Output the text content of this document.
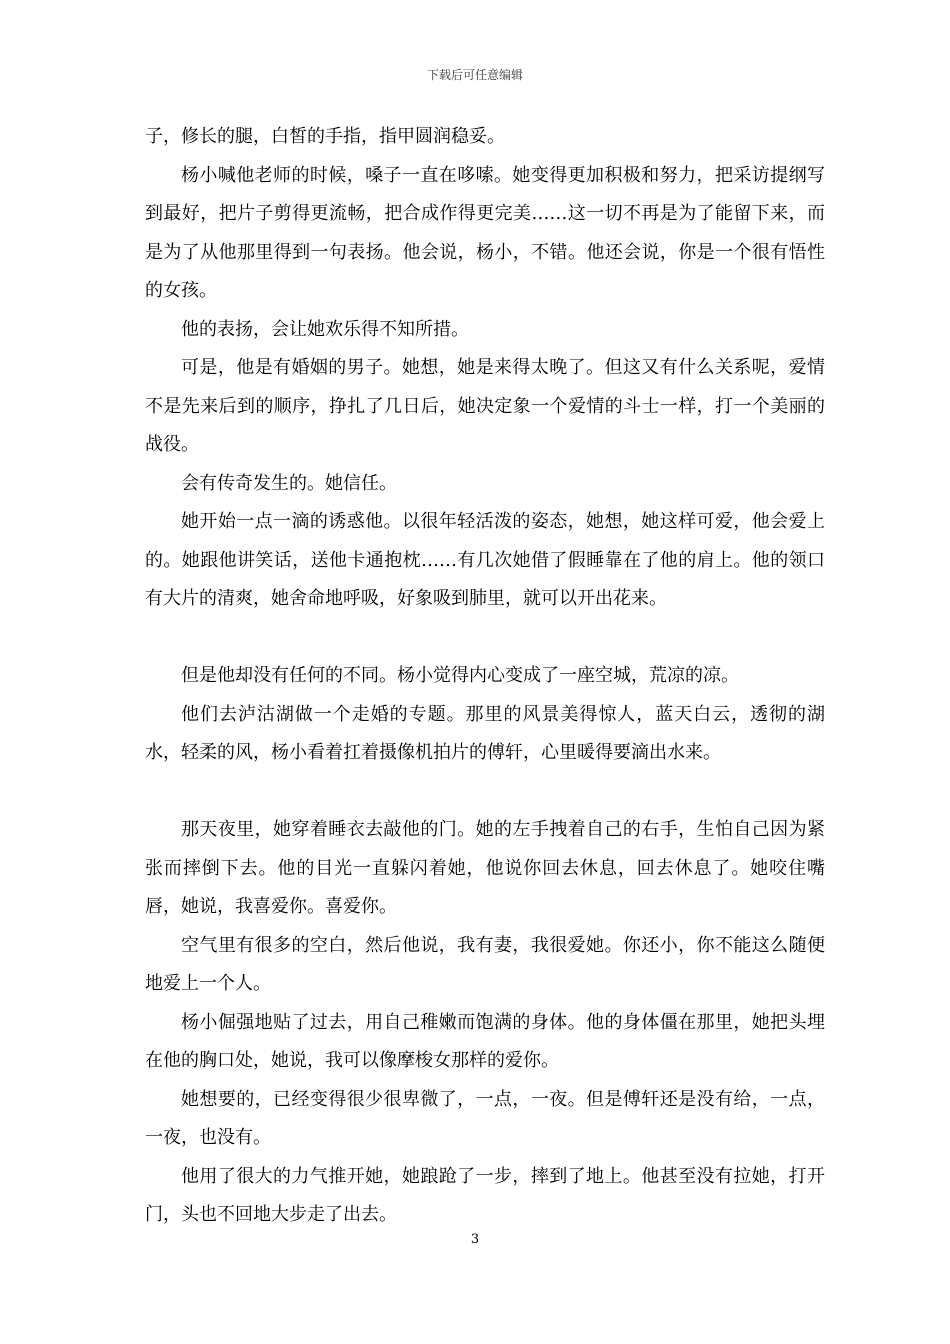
下载后可任意编辑

子，修长的腿，白皙的手指，指甲圆润稳妥。

杨小喊他老师的时候，嗓子一直在哆嗦。她变得更加积极和努力，把采访提纲写到最好，把片子剪得更流畅，把合成作得更完美……这一切不再是为了能留下来，而是为了从他那里得到一句表扬。他会说，杨小，不错。他还会说，你是一个很有悟性的女孩。

他的表扬，会让她欢乐得不知所措。

可是，他是有婚姻的男子。她想，她是来得太晚了。但这又有什么关系呢，爱情不是先来后到的顺序，挣扎了几日后，她决定象一个爱情的斗士一样，打一个美丽的战役。

会有传奇发生的。她信任。

她开始一点一滴的诱惑他。以很年轻活泼的姿态，她想，她这样可爱，他会爱上的。她跟他讲笑话，送他卡通抱枕……有几次她借了假睡靠在了他的肩上。他的领口有大片的清爽，她舍命地呼吸，好象吸到肺里，就可以开出花来。

但是他却没有任何的不同。杨小觉得内心变成了一座空城，荒凉的凉。

他们去泸沽湖做一个走婚的专题。那里的风景美得惊人，蓝天白云，透彻的湖水，轻柔的风，杨小看着扛着摄像机拍片的傅轩，心里暖得要滴出水来。

那天夜里，她穿着睡衣去敲他的门。她的左手拽着自己的右手，生怕自己因为紧张而摔倒下去。他的目光一直躲闪着她，他说你回去休息，回去休息了。她咬住嘴唇，她说，我喜爱你。喜爱你。

空气里有很多的空白，然后他说，我有妻，我很爱她。你还小，你不能这么随便地爱上一个人。

杨小倔强地贴了过去，用自己稚嫩而饱满的身体。他的身体僵在那里，她把头埋在他的胸口处，她说，我可以像摩梭女那样的爱你。

她想要的，已经变得很少很卑微了，一点，一夜。但是傅轩还是没有给，一点，一夜，也没有。

他用了很大的力气推开她，她踉跄了一步，摔到了地上。他甚至没有拉她，打开门，头也不回地大步走了出去。

3
